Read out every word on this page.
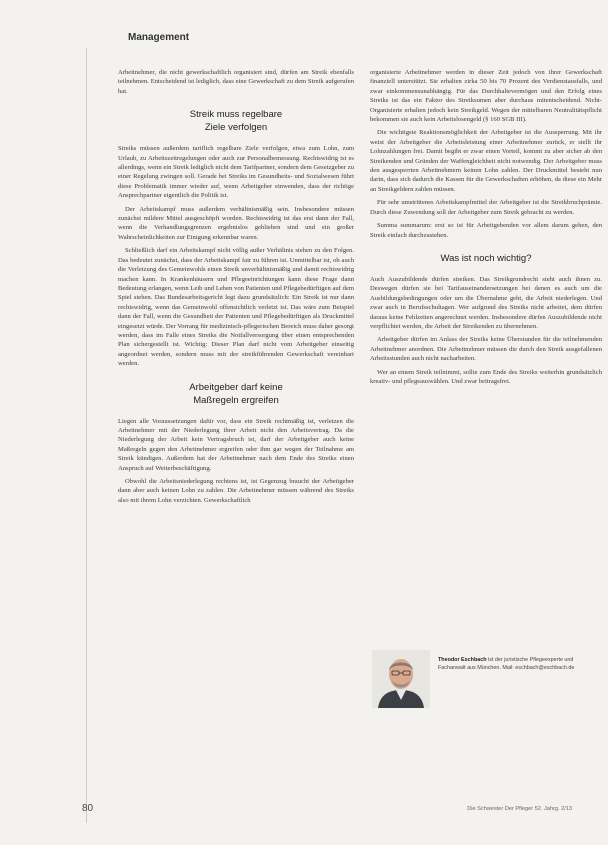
Management

Arbeitnehmer, die nicht gewerkschaftlich organisiert sind, dürfen am Streik ebenfalls teilnehmen. Entscheidend ist lediglich, dass eine Gewerkschaft zu dem Streik aufgerufen hat.

Streik muss regelbare
Ziele verfolgen

Streiks müssen außerdem tariflich regelbare Ziele verfolgen, etwa zum Lohn, zum Urlaub, zu Arbeitszeitregelungen oder auch zur Personalbemessung. Rechtswidrig ist es allerdings, wenn ein Streik lediglich nicht dem Tarifpartner, sondern dem Gesetzgeber zu einer Regelung zwingen soll. Gerade bei Streiks im Gesundheits- und Sozialwesen führt diese Problematik immer wieder auf, wenn Arbeitgeber einwenden, dass der richtige Ansprechpartner eigentlich die Politik ist.

Der Arbeitskampf muss außerdem verhältnismäßig sein. Insbesondere müssen zunächst mildere Mittel ausgeschöpft worden. Rechtswidrig ist das erst dann der Fall, wenn die Verhandlungsgrenzen ergebnislos geblieben sind und ein großer Wahrscheinlichkeiten zur Einigung erkennbar waren.

Schließlich darf ein Arbeitskampf nicht völlig außer Verhältnis stehen zu den Folgen. Das bedeutet zunächst, dass der Arbeitskampf fair zu führen ist. Unmittelbar ist, ob auch die Verletzung des Gemeinwohls einen Streik unverhältnismäßig und damit rechtswidrig machen kann. In Krankenhäusern und Pflegeeinrichtungen kann diese Frage dann Bedeutung erlangen, wenn Leib und Leben von Patienten und Pflegebedürftigen auf dem Spiel stehen. Das Bundesarbeitsgericht legt dazu grundsätzlich: Ein Streik ist nur dann rechtswidrig, wenn das Gemeinwohl offensichtlich verletzt ist. Das wäre zum Beispiel dann der Fall, wenn die Gesundheit der Patienten und Pflegebedürftigen als Druckmittel eingesetzt würde. Der Vorrang für medizinisch-pflegerischen Bereich muss daher gesorgt werden, dass im Falle eines Streiks die Notfallversorgung über einen entsprechenden Plan sichergestellt ist. Wichtig: Dieser Plan darf nicht vom Arbeitgeber einseitig angeordnet werden, sondern muss mit der streikführenden Gewerkschaft vereinbart werden.

Arbeitgeber darf keine
Maßregeln ergreifen

Liegen alle Voraussetzungen dafür vor, dass ein Streik rechtmäßig ist, verletzen die Arbeitnehmer mit der Niederlegung ihrer Arbeit nicht den Arbeitsvertrag. Da die Niederlegung der Arbeit kein Vertragsbruch ist, darf der Arbeitgeber auch keine Maßregeln gegen den Arbeitnehmer ergreifen oder ihm gar wegen der Teilnahme am Streik kündigen. Außerdem hat der Arbeitnehmer nach dem Ende des Streiks einen Anspruch auf Weiterbeschäftigung.

Obwohl die Arbeitsniederlegung rechtens ist, ist Gegenzug braucht der Arbeitgeber dann aber auch keinen Lohn zu zahlen. Die Arbeitnehmer müssen während des Streiks also mit ihrem Lohn verzichten. Gewerkschaftlich

organisierte Arbeitnehmer werden in dieser Zeit jedoch von ihrer Gewerkschaft finanziell unterstützt. Sie erhalten zirka 50 bis 70 Prozent des Verdienstausfalls, und zwar einkommensunabhängig. Für das Durchhaltevermögen und den Erfolg eines Streiks ist das ein Faktor des Streiksumen aber durchaus mitentscheidend. Nicht-Organisierte erhalten jedoch kein Streikgeld. Wegen der mittelbaren Neutralitätspflicht bekommen sie auch kein Arbeitslosengeld (§ 160 SGB III).

Die wichtigste Reaktionsmöglichkeit der Arbeitgeber ist die Aussperrung. Mit ihr weist der Arbeitgeber die Arbeitsleistung einer Arbeitnehmer zurück, er stellt ihr Lohnzahlungen frei. Damit begibt er zwar einen Vorteil, kommt zu aber sicher ab den Streikenden und Gründen der Waffengleichheit nicht notwendig. Der Arbeitgeber muss den ausgesperrten Arbeitnehmern keinen Lohn zahlen. Der Druckmittel besteht nun darin, dass sich dadurch die Kassen für die Gewerkschaften erhöhen, da diese ein Mehr an Streikgeldern zahlen müssen.

Für sehr umstrittenes Arbeitskampfmittel der Arbeitgeber ist die Streikbruchprämie. Durch diese Zuwendung soll der Arbeitgeber zum Streik gebracht zu werden.

Summa summarum: erst so ist für Arbeitgebenden vor allem darum gehen, den Streik einfach durchzustehen.

Was ist noch wichtig?

Auch Auszubildende dürfen streiken. Das Streikgrundrecht steht auch ihnen zu. Deswegen dürfen sie bei Tarifauseinandersetzungen bei denen es auch um die Ausbildungsbedingungen oder um die Übernahme geht, die Arbeit niederlegen. Und zwar auch in Berufsschultagen. Wer aufgrund des Streiks nicht arbeitet, dem dürfen daraus keine Fehlzeiten angerechnet werden. Insbesondere dürfen Auszubildende nicht verpflichtet werden, die Arbeit der Streikenden zu übernehmen.

Arbeitgeber dürfen im Anlass der Streiks keine Überstunden für die teilnehmenden Arbeitnehmer anordnen. Die Arbeitnehmer müssen die durch den Streik ausgefallenen Arbeitsstunden auch nicht nacharbeiten.

Wer an einem Streik teilnimmt, sollte zum Ende des Streiks weiterhin grundsätzlich kreativ- und pflegeauswählen. Und zwar beitragsfrei.

Theodor Eschbach ist der juristische Pflegeexperte und Fachanwalt aus München. Mail: eschbach@eschbach.de
80	Die Schwester Der Pfleger 52. Jahrg. 2/13
